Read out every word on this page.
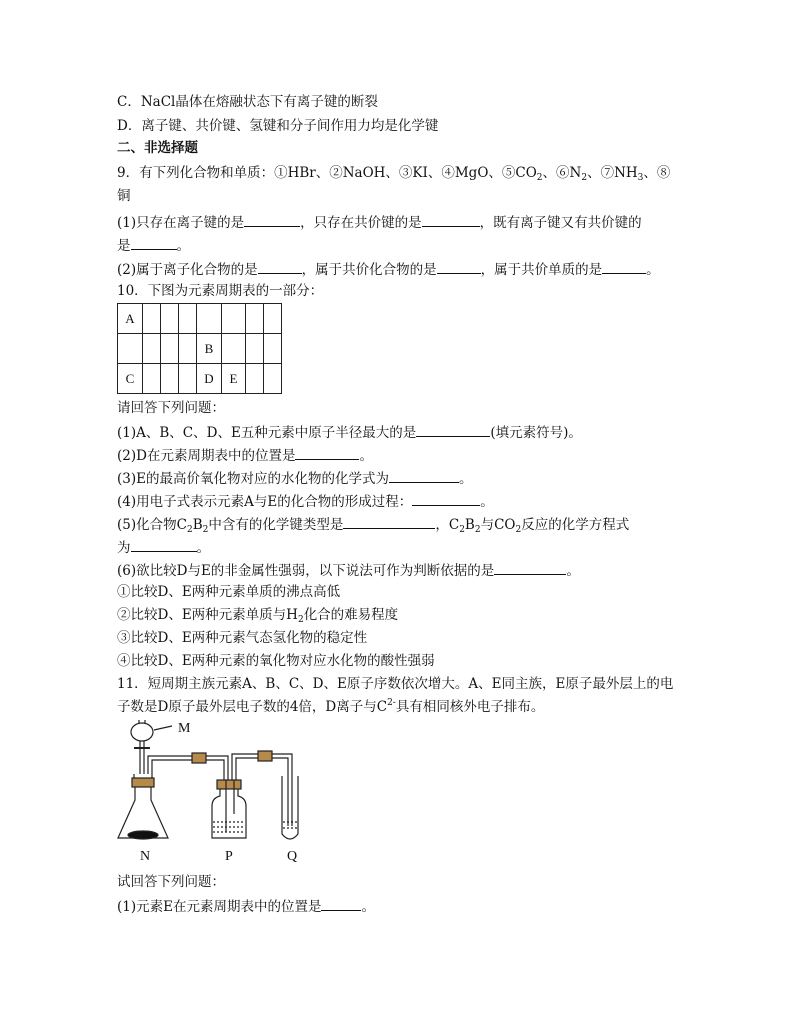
C．NaCl晶体在熔融状态下有离子键的断裂
D．离子键、共价键、氢键和分子间作用力均是化学键
二、非选择题
9．有下列化合物和单质：①HBr、②NaOH、③KI、④MgO、$⑤CO_2$、$⑥N_2$、$⑦NH_3$、⑧
铜
(1)只存在离子键的是	，只存在共价键的是	，既有离子键又有共价键的
是	。
(2)属于离子化合物的是	，属于共价化合物的是	，属于共价单质的是	。
10．下图为元素周期表的一部分：
A							
				B			
C				D	E		
请回答下列问题：
(1)A、B、C、D、E五种元素中原子半径最大的是	(填元素符号)。
(2)D在元素周期表中的位置是	。
(3)E的最高价氧化物对应的水化物的化学式为	。
(4)用电子式表示元素A与E的化合物的形成过程：	。
(5)化合物$C_2B_2$中含有的化学键类型是	，$C_2B_2$与$CO_2$反应的化学方程式
为	。
(6)欲比较D与E的非金属性强弱，以下说法可作为判断依据的是	。
①比较D、E两种元素单质的沸点高低
②比较D、E两种元素单质与$H_2$化合的难易程度
③比较D、E两种元素气态氢化物的稳定性
④比较D、E两种元素的氧化物对应水化物的酸性强弱
11．短周期主族元素A、B、C、D、E原子序数依次增大。A、E同主族，E原子最外层上的电
子数是D原子最外层电子数的4倍，D离子与$C^{2-}$具有相同核外电子排布。
M
N	P	Q
试回答下列问题：
(1)元素E在元素周期表中的位置是	。
